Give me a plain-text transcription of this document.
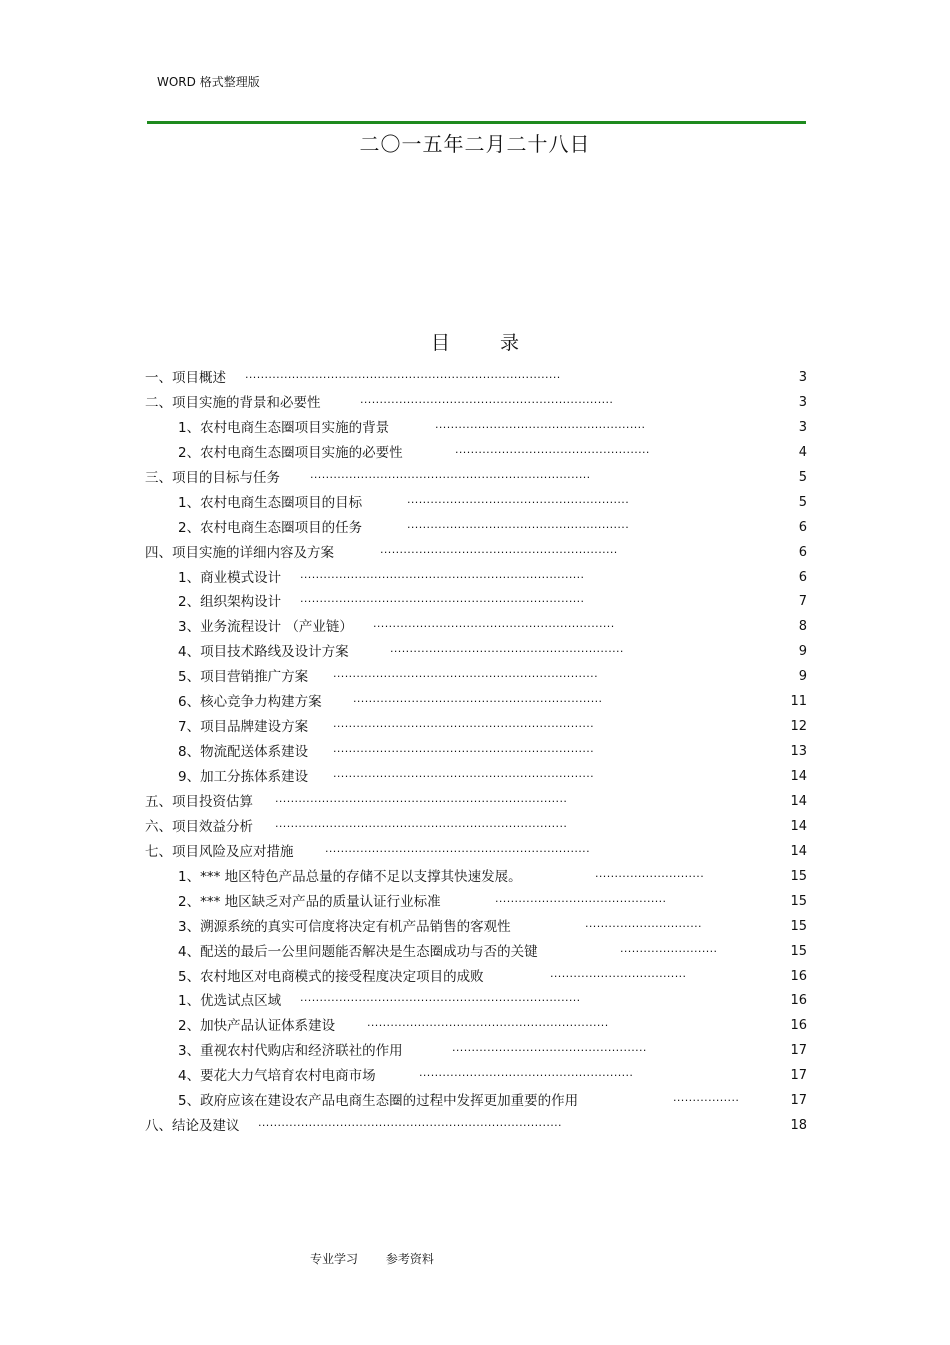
WORD 格式整理版
二〇一五年二月二十八日
目 录
一、项目概述 .................................................................................	3
二、项目实施的背景和必要性	.................................................................	3
1、农村电商生态圈项目实施的背景	......................................................	3
2、农村电商生态圈项目实施的必要性	..................................................	4
三、项目的目标与任务	........................................................................	5
1、农村电商生态圈项目的目标	.........................................................	5
2、农村电商生态圈项目的任务	.........................................................	6
四、项目实施的详细内容及方案	.............................................................	6
1、商业模式设计 .........................................................................	6
2、组织架构设计 .........................................................................	7
3、业务流程设计 （产业链） ..............................................................	8
4、项目技术路线及设计方案	............................................................	9
5、项目营销推广方案 ....................................................................	9
6、核心竞争力构建方案	................................................................	11
7、项目品牌建设方案 ...................................................................	12
8、物流配送体系建设 ...................................................................	13
9、加工分拣体系建设 ...................................................................	14
五、项目投资估算 ...........................................................................	14
六、项目效益分析 ...........................................................................	14
七、项目风险及应对措施	....................................................................	14
1、*** 地区特色产品总量的存储不足以支撑其快速发展。	............................	15
2、*** 地区缺乏对产品的质量认证行业标准	............................................	15
3、溯源系统的真实可信度将决定有机产品销售的客观性	..............................	15
4、配送的最后一公里问题能否解决是生态圈成功与否的关键	.........................	15
5、农村地区对电商模式的接受程度决定项目的成败	...................................	16
1、优选试点区域 ........................................................................	16
2、加快产品认证体系建设	..............................................................	16
3、重视农村代购店和经济联社的作用	..................................................	17
4、要花大力气培育农村电商市场	.......................................................	17
5、政府应该在建设农产品电商生态圈的过程中发挥更加重要的作用	.................	17
八、结论及建议 ..............................................................................	18
专业学习 参考资料
